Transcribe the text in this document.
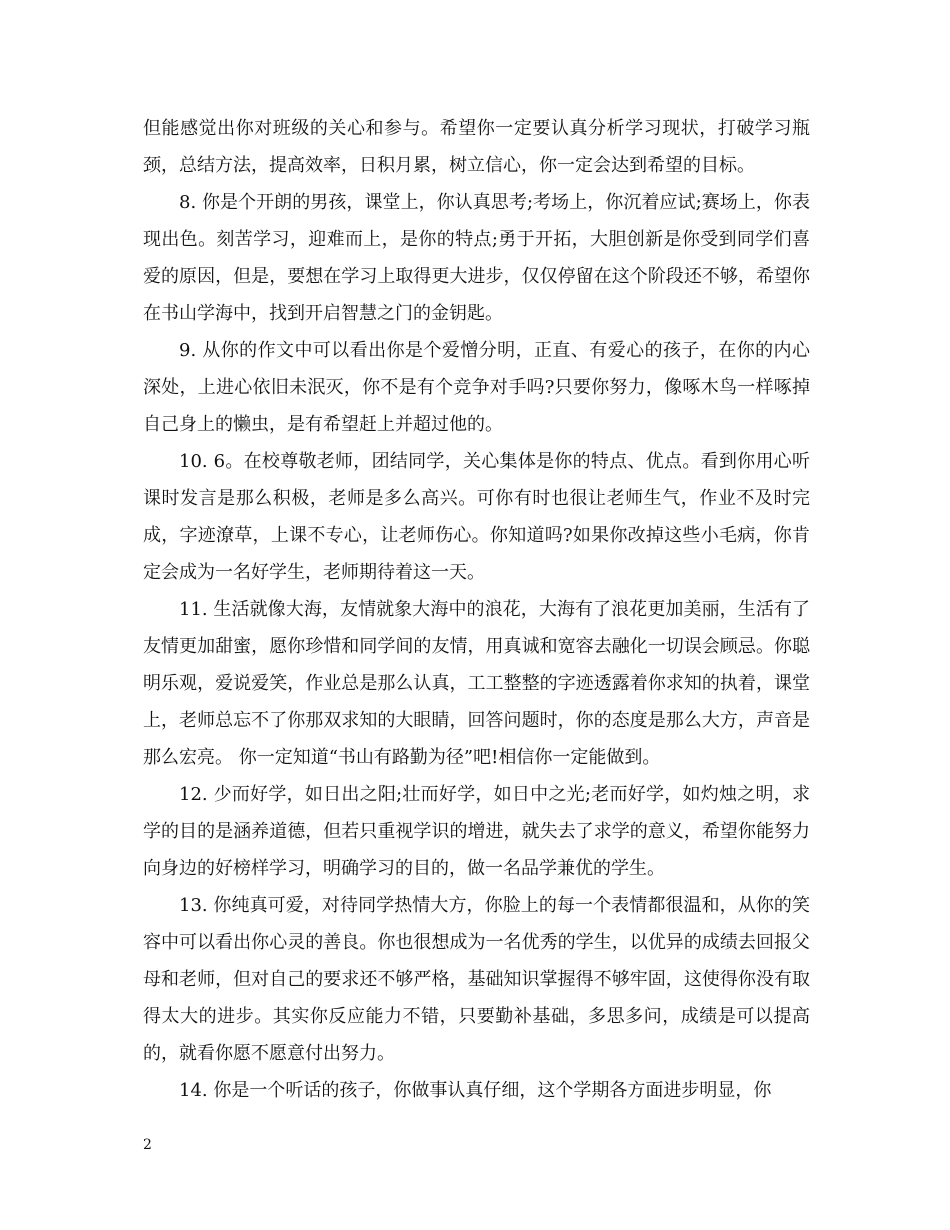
但能感觉出你对班级的关心和参与。希望你一定要认真分析学习现状，打破学习瓶颈，总结方法，提高效率，日积月累，树立信心，你一定会达到希望的目标。

8. 你是个开朗的男孩，课堂上，你认真思考;考场上，你沉着应试;赛场上，你表现出色。刻苦学习，迎难而上，是你的特点;勇于开拓，大胆创新是你受到同学们喜爱的原因，但是，要想在学习上取得更大进步，仅仅停留在这个阶段还不够，希望你在书山学海中，找到开启智慧之门的金钥匙。

9. 从你的作文中可以看出你是个爱憎分明，正直、有爱心的孩子，在你的内心深处，上进心依旧未泯灭，你不是有个竞争对手吗?只要你努力，像啄木鸟一样啄掉自己身上的懒虫，是有希望赶上并超过他的。

10. 6。在校尊敬老师，团结同学，关心集体是你的特点、优点。看到你用心听课时发言是那么积极，老师是多么高兴。可你有时也很让老师生气，作业不及时完成，字迹潦草，上课不专心，让老师伤心。你知道吗?如果你改掉这些小毛病，你肯定会成为一名好学生，老师期待着这一天。

11. 生活就像大海，友情就象大海中的浪花，大海有了浪花更加美丽，生活有了友情更加甜蜜，愿你珍惜和同学间的友情，用真诚和宽容去融化一切误会顾忌。你聪明乐观，爱说爱笑，作业总是那么认真，工工整整的字迹透露着你求知的执着，课堂上，老师总忘不了你那双求知的大眼睛，回答问题时，你的态度是那么大方，声音是那么宏亮。 你一定知道“书山有路勤为径”吧!相信你一定能做到。

12. 少而好学，如日出之阳;壮而好学，如日中之光;老而好学，如灼烛之明，求学的目的是涵养道德，但若只重视学识的增进，就失去了求学的意义，希望你能努力向身边的好榜样学习，明确学习的目的，做一名品学兼优的学生。

13. 你纯真可爱，对待同学热情大方，你脸上的每一个表情都很温和，从你的笑容中可以看出你心灵的善良。你也很想成为一名优秀的学生，以优异的成绩去回报父母和老师，但对自己的要求还不够严格，基础知识掌握得不够牢固，这使得你没有取得太大的进步。其实你反应能力不错，只要勤补基础，多思多问，成绩是可以提高的，就看你愿不愿意付出努力。

14. 你是一个听话的孩子，你做事认真仔细，这个学期各方面进步明显，你

2
